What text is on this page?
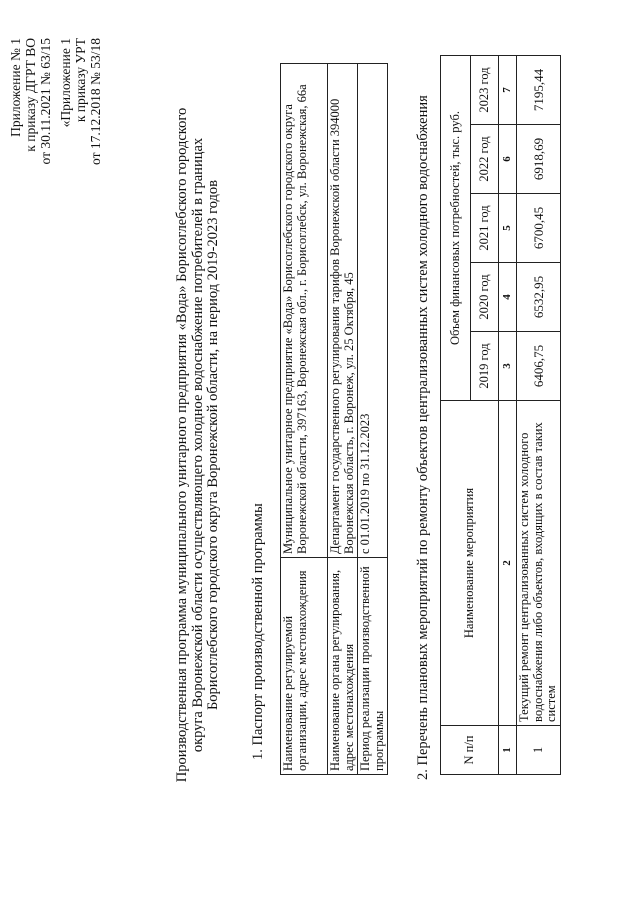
Приложение № 1 к приказу ДГРТ ВО от 30.11.2021 № 63/15 «Приложение 1 к приказу УРТ от 17.12.2018 № 53/18
Производственная программа муниципального унитарного предприятия «Вода» Борисоглебского городского округа Воронежской области осуществляющего холодное водоснабжение потребителей в границах Борисоглебского городского округа Воронежской области, на период 2019-2023 годов 1. Паспорт производственной программы Наименование регулируемой организации, адрес местонахождения	Муниципальное унитарное предприятие «Вода» Борисоглебского городского округа Воронежской области, 397163, Воронежская обл., г. Борисоглебск, ул. Воронежская, 66а
Наименование органа регулирования, адрес местонахождения	Департамент государственного регулирования тарифов Воронежской области 394000 Воронежская область, г. Воронеж, ул. 25 Октября, 45
Период реализации производственной программы	с 01.01.2019 по 31.12.2023	2. Перечень плановых мероприятий по ремонту объектов централизованных систем холодного водоснабжения N п/п	Наименование мероприятия	Объем финансовых потребностей, тыс. руб.				
		2019 год	2020 год	2021 год	2022 год	2023 год
1	2	3	4	5	6	7
1	Текущий ремонт централизованных систем холодного водоснабжения либо объектов, входящих в состав таких систем	6406,75	6532,95	6700,45	6918,69	7195,44
